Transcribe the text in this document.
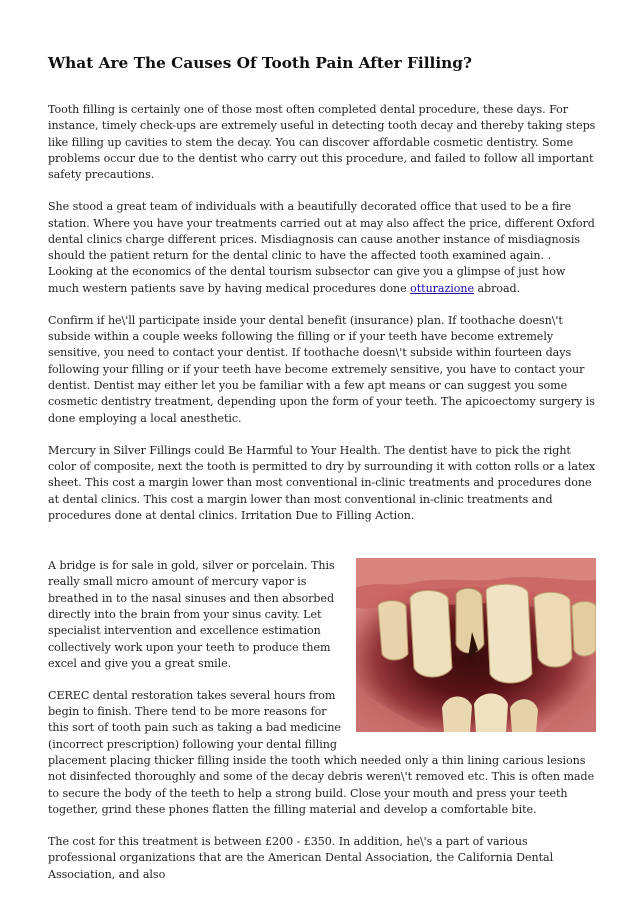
What Are The Causes Of Tooth Pain After Filling?

Tooth filling is certainly one of those most often completed dental procedure, these days. For instance, timely check-ups are extremely useful in detecting tooth decay and thereby taking steps like filling up cavities to stem the decay. You can discover affordable cosmetic dentistry. Some problems occur due to the dentist who carry out this procedure, and failed to follow all important safety precautions.

She stood a great team of individuals with a beautifully decorated office that used to be a fire station. Where you have your treatments carried out at may also affect the price, different Oxford dental clinics charge different prices. Misdiagnosis can cause another instance of misdiagnosis should the patient return for the dental clinic to have the affected tooth examined again. . Looking at the economics of the dental tourism subsector can give you a glimpse of just how much western patients save by having medical procedures done otturazione abroad.

Confirm if he\'ll participate inside your dental benefit (insurance) plan. If toothache doesn\'t subside within a couple weeks following the filling or if your teeth have become extremely sensitive, you need to contact your dentist. If toothache doesn\'t subside within fourteen days following your filling or if your teeth have become extremely sensitive, you have to contact your dentist. Dentist may either let you be familiar with a few apt means or can suggest you some cosmetic dentistry treatment, depending upon the form of your teeth. The apicoectomy surgery is done employing a local anesthetic.

Mercury in Silver Fillings could Be Harmful to Your Health. The dentist have to pick the right color of composite, next the tooth is permitted to dry by surrounding it with cotton rolls or a latex sheet. This cost a margin lower than most conventional in-clinic treatments and procedures done at dental clinics. This cost a margin lower than most conventional in-clinic treatments and procedures done at dental clinics. Irritation Due to Filling Action.

A bridge is for sale in gold, silver or porcelain. This really small micro amount of mercury vapor is breathed in to the nasal sinuses and then absorbed directly into the brain from your sinus cavity. Let specialist intervention and excellence estimation collectively work upon your teeth to produce them excel and give you a great smile.

CEREC dental restoration takes several hours from begin to finish. There tend to be more reasons for this sort of tooth pain such as taking a bad medicine (incorrect prescription) following your dental filling placement placing thicker filling inside the tooth which needed only a thin lining carious lesions not disinfected thoroughly and some of the decay debris weren\'t removed etc. This is often made to secure the body of the teeth to help a strong build. Close your mouth and press your teeth together, grind these phones flatten the filling material and develop a comfortable bite.

The cost for this treatment is between £200 - £350. In addition, he\'s a part of various professional organizations that are the American Dental Association, the California Dental Association, and also
